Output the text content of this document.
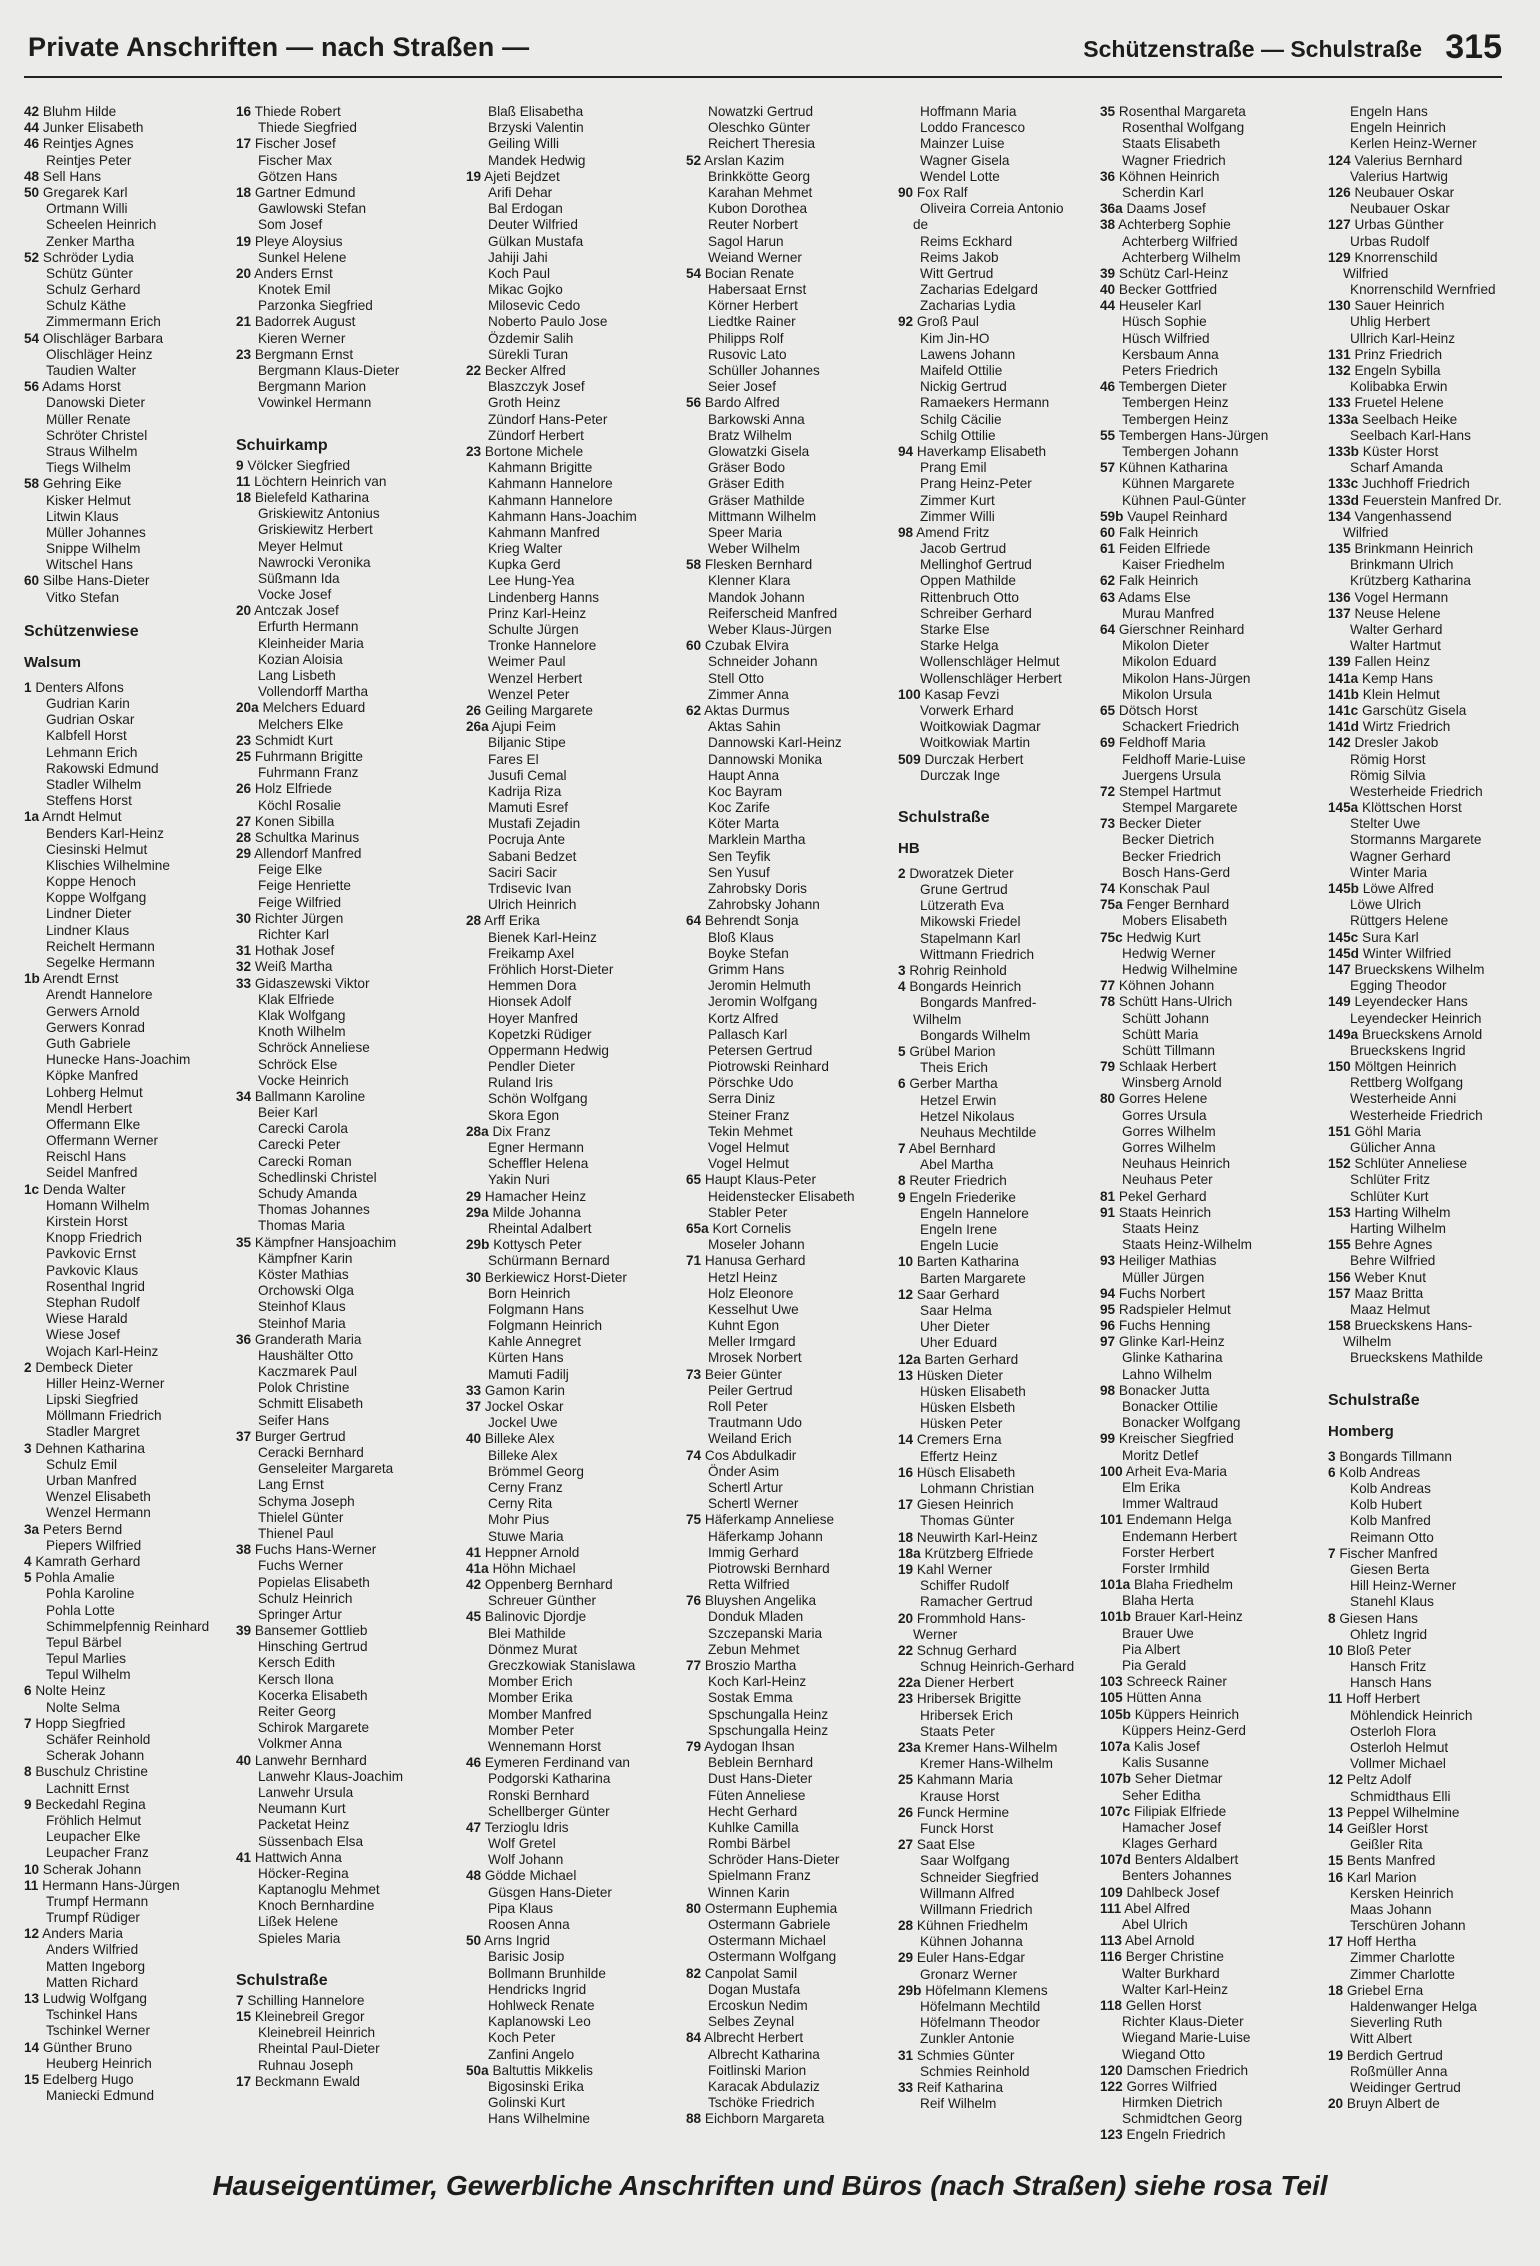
Private Anschriften — nach Straßen —	Schützenstraße — Schulstraße 315
42 Bluhm Hilde
44 Junker Elisabeth
46 Reintjes Agnes
Reintjes Peter
48 Sell Hans
50 Gregarek Karl
Ortmann Willi
Scheelen Heinrich
Zenker Martha
52 Schröder Lydia
Schütz Günter
Schulz Gerhard
Schulz Käthe
Zimmermann Erich
54 Olischläger Barbara
Olischläger Heinz
Taudien Walter
56 Adams Horst
Danowski Dieter
Müller Renate
Schröter Christel
Straus Wilhelm
Tiegs Wilhelm
58 Gehring Eike
Kisker Helmut
Litwin Klaus
Müller Johannes
Snippe Wilhelm
Witschel Hans
60 Silbe Hans-Dieter
Vitko Stefan
Schützenwiese
Walsum
1 Denters Alfons
Gudrian Karin
Gudrian Oskar
Kalbfell Horst
Lehmann Erich
Rakowski Edmund
Stadler Wilhelm
Steffens Horst
1a Arndt Helmut
Benders Karl-Heinz
Ciesinski Helmut
Klischies Wilhelmine
Koppe Henoch
Koppe Wolfgang
Lindner Dieter
Lindner Klaus
Reichelt Hermann
Segelke Hermann
1b Arendt Ernst
Arendt Hannelore
Gerwers Arnold
Gerwers Konrad
Guth Gabriele
Hunecke Hans-Joachim
Köpke Manfred
Lohberg Helmut
Mendl Herbert
Offermann Elke
Offermann Werner
Reischl Hans
Seidel Manfred
1c Denda Walter
Homann Wilhelm
Kirstein Horst
Knopp Friedrich
Pavkovic Ernst
Pavkovic Klaus
Rosenthal Ingrid
Stephan Rudolf
Wiese Harald
Wiese Josef
Wojach Karl-Heinz
2 Dembeck Dieter
Hiller Heinz-Werner
Lipski Siegfried
Möllmann Friedrich
Stadler Margret
3 Dehnen Katharina
Schulz Emil
Urban Manfred
Wenzel Elisabeth
Wenzel Hermann
3a Peters Bernd
Piepers Wilfried
4 Kamrath Gerhard
5 Pohla Amalie
Pohla Karoline
Pohla Lotte
Schimmelpfennig Reinhard
Tepul Bärbel
Tepul Marlies
Tepul Wilhelm
6 Nolte Heinz
Nolte Selma
7 Hopp Siegfried
Schäfer Reinhold
Scherak Johann
8 Buschulz Christine
Lachnitt Ernst
9 Beckedahl Regina
Fröhlich Helmut
Leupacher Elke
Leupacher Franz
10 Scherak Johann
11 Hermann Hans-Jürgen
Trumpf Hermann
Trumpf Rüdiger
12 Anders Maria
Anders Wilfried
Matten Ingeborg
Matten Richard
13 Ludwig Wolfgang
Tschinkel Hans
Tschinkel Werner
14 Günther Bruno
Heuberg Heinrich
15 Edelberg Hugo
Maniecki Edmund
16 Thiede Robert
Thiede Siegfried
17 Fischer Josef
Fischer Max
Götzen Hans
18 Gartner Edmund
Gawlowski Stefan
Som Josef
19 Pleye Aloysius
Sunkel Helene
20 Anders Ernst
Knotek Emil
Parzonka Siegfried
21 Badorrek August
Kieren Werner
23 Bergmann Ernst
Bergmann Klaus-Dieter
Bergmann Marion
Vowinkel Hermann
Schuirkamp
9 Völcker Siegfried
11 Löchtern Heinrich van
18 Bielefeld Katharina
Griskiewitz Antonius
Griskiewitz Herbert
Meyer Helmut
Nawrocki Veronika
Süßmann Ida
Vocke Josef
20 Antczak Josef
Erfurth Hermann
Kleinheider Maria
Kozian Aloisia
Lang Lisbeth
Vollendorff Martha
20a Melchers Eduard
Melchers Elke
23 Schmidt Kurt
25 Fuhrmann Brigitte
Fuhrmann Franz
26 Holz Elfriede
Köchl Rosalie
27 Konen Sibilla
28 Schultka Marinus
29 Allendorf Manfred
Feige Elke
Feige Henriette
Feige Wilfried
30 Richter Jürgen
Richter Karl
31 Hothak Josef
32 Weiß Martha
33 Gidaszewski Viktor
Klak Elfriede
Klak Wolfgang
Knoth Wilhelm
Schröck Anneliese
Schröck Else
Vocke Heinrich
34 Ballmann Karoline
Beier Karl
Carecki Carola
Carecki Peter
Carecki Roman
Schedlinski Christel
Schudy Amanda
Thomas Johannes
Thomas Maria
35 Kämpfner Hansjoachim
Kämpfner Karin
Köster Mathias
Orchowski Olga
Steinhof Klaus
Steinhof Maria
36 Granderath Maria
Haushälter Otto
Kaczmarek Paul
Polok Christine
Schmitt Elisabeth
Seifer Hans
37 Burger Gertrud
Ceracki Bernhard
Genseleiter Margareta
Lang Ernst
Schyma Joseph
Thielel Günter
Thienel Paul
38 Fuchs Hans-Werner
Fuchs Werner
Popielas Elisabeth
Schulz Heinrich
Springer Artur
39 Bansemer Gottlieb
Hinsching Gertrud
Kersch Edith
Kersch Ilona
Kocerka Elisabeth
Reiter Georg
Schirok Margarete
Volkmer Anna
40 Lanwehr Bernhard
Lanwehr Klaus-Joachim
Lanwehr Ursula
Neumann Kurt
Packetat Heinz
Süssenbach Elsa
41 Hattwich Anna
Höcker-Regina
Kaptanoglu Mehmet
Knoch Bernhardine
Lißek Helene
Spieles Maria
Schulstraße
7 Schilling Hannelore
15 Kleinebreil Gregor
Kleinebreil Heinrich
Rheintal Paul-Dieter
Ruhnau Joseph
17 Beckmann Ewald
Blaß Elisabetha
Brzyski Valentin
Geiling Willi
Mandek Hedwig
19 Ajeti Bejdzet
Arifi Dehar
Bal Erdogan
Deuter Wilfried
Gülkan Mustafa
Jahiji Jahi
Koch Paul
Mikac Gojko
Milosevic Cedo
Noberto Paulo Jose
Özdemir Salih
Sürekli Turan
22 Becker Alfred
Blaszczyk Josef
Groth Heinz
Zündorf Hans-Peter
Zündorf Herbert
23 Bortone Michele
Kahmann Brigitte
Kahmann Hannelore
Kahmann Hannelore
Kahmann Hans-Joachim
Kahmann Manfred
Krieg Walter
Kupka Gerd
Lee Hung-Yea
Lindenberg Hanns
Prinz Karl-Heinz
Schulte Jürgen
Tronke Hannelore
Weimer Paul
Wenzel Herbert
Wenzel Peter
26 Geiling Margarete
26a Ajupi Feim
Biljanic Stipe
Fares El
Jusufi Cemal
Kadrija Riza
Mamuti Esref
Mustafi Zejadin
Pocruja Ante
Sabani Bedzet
Saciri Sacir
Trdisevic Ivan
Ulrich Heinrich
28 Arff Erika
Bienek Karl-Heinz
Freikamp Axel
Fröhlich Horst-Dieter
Hemmen Dora
Hionsek Adolf
Hoyer Manfred
Kopetzki Rüdiger
Oppermann Hedwig
Pendler Dieter
Ruland Iris
Schön Wolfgang
Skora Egon
28a Dix Franz
Egner Hermann
Scheffler Helena
Yakin Nuri
29 Hamacher Heinz
29a Milde Johanna
Rheintal Adalbert
29b Kottysch Peter
Schürmann Bernard
30 Berkiewicz Horst-Dieter
Born Heinrich
Folgmann Hans
Folgmann Heinrich
Kahle Annegret
Kürten Hans
Mamuti Fadilj
33 Gamon Karin
37 Jockel Oskar
Jockel Uwe
40 Billeke Alex
Billeke Alex
Brömmel Georg
Cerny Franz
Cerny Rita
Mohr Pius
Stuwe Maria
41 Heppner Arnold
41a Höhn Michael
42 Oppenberg Bernhard
Schreuer Günther
45 Balinovic Djordje
Blei Mathilde
Dönmez Murat
Greczkowiak Stanislawa
Momber Erich
Momber Erika
Momber Manfred
Momber Peter
Wennemann Horst
46 Eymeren Ferdinand van
Podgorski Katharina
Ronski Bernhard
Schellberger Günter
47 Terzioglu Idris
Wolf Gretel
Wolf Johann
48 Gödde Michael
Güsgen Hans-Dieter
Pipa Klaus
Roosen Anna
50 Arns Ingrid
Barisic Josip
Bollmann Brunhilde
Hendricks Ingrid
Hohlweck Renate
Kaplanowski Leo
Koch Peter
Zanfini Angelo
50a Baltuttis Mikkelis
Bigosinski Erika
Golinski Kurt
Hans Wilhelmine
Nowatzki Gertrud
Oleschko Günter
Reichert Theresia
52 Arslan Kazim
Brinkkötte Georg
Karahan Mehmet
Kubon Dorothea
Reuter Norbert
Sagol Harun
Weiand Werner
54 Bocian Renate
Habersaat Ernst
Körner Herbert
Liedtke Rainer
Philipps Rolf
Rusovic Lato
Schüller Johannes
Seier Josef
56 Bardo Alfred
Barkowski Anna
Bratz Wilhelm
Glowatzki Gisela
Gräser Bodo
Gräser Edith
Gräser Mathilde
Mittmann Wilhelm
Speer Maria
Weber Wilhelm
58 Flesken Bernhard
Klenner Klara
Mandok Johann
Reiferscheid Manfred
Weber Klaus-Jürgen
60 Czubak Elvira
Schneider Johann
Stell Otto
Zimmer Anna
62 Aktas Durmus
Aktas Sahin
Dannowski Karl-Heinz
Dannowski Monika
Haupt Anna
Koc Bayram
Koc Zarife
Köter Marta
Marklein Martha
Sen Teyfik
Sen Yusuf
Zahrobsky Doris
Zahrobsky Johann
64 Behrendt Sonja
Bloß Klaus
Boyke Stefan
Grimm Hans
Jeromin Helmuth
Jeromin Wolfgang
Kortz Alfred
Pallasch Karl
Petersen Gertrud
Piotrowski Reinhard
Pörschke Udo
Serra Diniz
Steiner Franz
Tekin Mehmet
Vogel Helmut
Vogel Helmut
65 Haupt Klaus-Peter
Heidenstecker Elisabeth
Stabler Peter
65a Kort Cornelis
Moseler Johann
71 Hanusa Gerhard
Hetzl Heinz
Holz Eleonore
Kesselhut Uwe
Kuhnt Egon
Meller Irmgard
Mrosek Norbert
73 Beier Günter
Peiler Gertrud
Roll Peter
Trautmann Udo
Weiland Erich
74 Cos Abdulkadir
Önder Asim
Schertl Artur
Schertl Werner
75 Häferkamp Anneliese
Häferkamp Johann
Immig Gerhard
Piotrowski Bernhard
Retta Wilfried
76 Bluyshen Angelika
Donduk Mladen
Szczepanski Maria
Zebun Mehmet
77 Broszio Martha
Koch Karl-Heinz
Sostak Emma
Spschungalla Heinz
Spschungalla Heinz
79 Aydogan Ihsan
Beblein Bernhard
Dust Hans-Dieter
Füten Anneliese
Hecht Gerhard
Kuhlke Camilla
Rombi Bärbel
Schröder Hans-Dieter
Spielmann Franz
Winnen Karin
80 Ostermann Euphemia
Ostermann Gabriele
Ostermann Michael
Ostermann Wolfgang
82 Canpolat Samil
Dogan Mustafa
Ercoskun Nedim
Selbes Zeynal
84 Albrecht Herbert
Albrecht Katharina
Foitlinski Marion
Karacak Abdulaziz
Tschöke Friedrich
88 Eichborn Margareta
Hoffmann Maria
Loddo Francesco
Mainzer Luise
Wagner Gisela
Wendel Lotte
90 Fox Ralf
Oliveira Correia Antonio
de
Reims Eckhard
Reims Jakob
Witt Gertrud
Zacharias Edelgard
Zacharias Lydia
92 Groß Paul
Kim Jin-HO
Lawens Johann
Maifeld Ottilie
Nickig Gertrud
Ramaekers Hermann
Schilg Cäcilie
Schilg Ottilie
94 Haverkamp Elisabeth
Prang Emil
Prang Heinz-Peter
Zimmer Kurt
Zimmer Willi
98 Amend Fritz
Jacob Gertrud
Mellinghof Gertrud
Oppen Mathilde
Rittenbruch Otto
Schreiber Gerhard
Starke Else
Starke Helga
Wollenschläger Helmut
Wollenschläger Herbert
100 Kasap Fevzi
Vorwerk Erhard
Woitkowiak Dagmar
Woitkowiak Martin
509 Durczak Herbert
Durczak Inge
Schulstraße
HB
2 Dworatzek Dieter
Grune Gertrud
Lützerath Eva
Mikowski Friedel
Stapelmann Karl
Wittmann Friedrich
3 Rohrig Reinhold
4 Bongards Heinrich
Bongards Manfred-
Wilhelm
Bongards Wilhelm
5 Grübel Marion
Theis Erich
6 Gerber Martha
Hetzel Erwin
Hetzel Nikolaus
Neuhaus Mechtilde
7 Abel Bernhard
Abel Martha
8 Reuter Friedrich
9 Engeln Friederike
Engeln Hannelore
Engeln Irene
Engeln Lucie
10 Barten Katharina
Barten Margarete
12 Saar Gerhard
Saar Helma
Uher Dieter
Uher Eduard
12a Barten Gerhard
13 Hüsken Dieter
Hüsken Elisabeth
Hüsken Elsbeth
Hüsken Peter
14 Cremers Erna
Effertz Heinz
16 Hüsch Elisabeth
Lohmann Christian
17 Giesen Heinrich
Thomas Günter
18 Neuwirth Karl-Heinz
18a Krützberg Elfriede
19 Kahl Werner
Schiffer Rudolf
Ramacher Gertrud
20 Frommhold Hans-
Werner
22 Schnug Gerhard
Schnug Heinrich-Gerhard
22a Diener Herbert
23 Hribersek Brigitte
Hribersek Erich
Staats Peter
23a Kremer Hans-Wilhelm
Kremer Hans-Wilhelm
25 Kahmann Maria
Krause Horst
26 Funck Hermine
Funck Horst
27 Saat Else
Saar Wolfgang
Schneider Siegfried
Willmann Alfred
Willmann Friedrich
28 Kühnen Friedhelm
Kühnen Johanna
29 Euler Hans-Edgar
Gronarz Werner
29b Höfelmann Klemens
Höfelmann Mechtild
Höfelmann Theodor
Zunkler Antonie
31 Schmies Günter
Schmies Reinhold
33 Reif Katharina
Reif Wilhelm
35 Rosenthal Margareta
Rosenthal Wolfgang
Staats Elisabeth
Wagner Friedrich
36 Köhnen Heinrich
Scherdin Karl
36a Daams Josef
38 Achterberg Sophie
Achterberg Wilfried
Achterberg Wilhelm
39 Schütz Carl-Heinz
40 Becker Gottfried
44 Heuseler Karl
Hüsch Sophie
Hüsch Wilfried
Kersbaum Anna
Peters Friedrich
46 Tembergen Dieter
Tembergen Heinz
Tembergen Heinz
55 Tembergen Hans-Jürgen
Tembergen Johann
57 Kühnen Katharina
Kühnen Margarete
Kühnen Paul-Günter
59b Vaupel Reinhard
60 Falk Heinrich
61 Feiden Elfriede
Kaiser Friedhelm
62 Falk Heinrich
63 Adams Else
Murau Manfred
64 Gierschner Reinhard
Mikolon Dieter
Mikolon Eduard
Mikolon Hans-Jürgen
Mikolon Ursula
65 Dötsch Horst
Schackert Friedrich
69 Feldhoff Maria
Feldhoff Marie-Luise
Juergens Ursula
72 Stempel Hartmut
Stempel Margarete
73 Becker Dieter
Becker Dietrich
Becker Friedrich
Bosch Hans-Gerd
74 Konschak Paul
75a Fenger Bernhard
Mobers Elisabeth
75c Hedwig Kurt
Hedwig Werner
Hedwig Wilhelmine
77 Köhnen Johann
78 Schütt Hans-Ulrich
Schütt Johann
Schütt Maria
Schütt Tillmann
79 Schlaak Herbert
Winsberg Arnold
80 Gorres Helene
Gorres Ursula
Gorres Wilhelm
Gorres Wilhelm
Neuhaus Heinrich
Neuhaus Peter
81 Pekel Gerhard
91 Staats Heinrich
Staats Heinz
Staats Heinz-Wilhelm
93 Heiliger Mathias
Müller Jürgen
94 Fuchs Norbert
95 Radspieler Helmut
96 Fuchs Henning
97 Glinke Karl-Heinz
Glinke Katharina
Lahno Wilhelm
98 Bonacker Jutta
Bonacker Ottilie
Bonacker Wolfgang
99 Kreischer Siegfried
Moritz Detlef
100 Arheit Eva-Maria
Elm Erika
Immer Waltraud
101 Endemann Helga
Endemann Herbert
Forster Herbert
Forster Irmhild
101a Blaha Friedhelm
Blaha Herta
101b Brauer Karl-Heinz
Brauer Uwe
Pia Albert
Pia Gerald
103 Schreeck Rainer
105 Hütten Anna
105b Küppers Heinrich
Küppers Heinz-Gerd
107a Kalis Josef
Kalis Susanne
107b Seher Dietmar
Seher Editha
107c Filipiak Elfriede
Hamacher Josef
Klages Gerhard
107d Benters Aldalbert
Benters Johannes
109 Dahlbeck Josef
111 Abel Alfred
Abel Ulrich
113 Abel Arnold
116 Berger Christine
Walter Burkhard
Walter Karl-Heinz
118 Gellen Horst
Richter Klaus-Dieter
Wiegand Marie-Luise
Wiegand Otto
120 Damschen Friedrich
122 Gorres Wilfried
Hirmken Dietrich
Schmidtchen Georg
123 Engeln Friedrich
Engeln Hans
Engeln Heinrich
Kerlen Heinz-Werner
124 Valerius Bernhard
Valerius Hartwig
126 Neubauer Oskar
Neubauer Oskar
127 Urbas Günther
Urbas Rudolf
129 Knorrenschild
Wilfried
Knorrenschild Wernfried
130 Sauer Heinrich
Uhlig Herbert
Ullrich Karl-Heinz
131 Prinz Friedrich
132 Engeln Sybilla
Kolibabka Erwin
133 Fruetel Helene
133a Seelbach Heike
Seelbach Karl-Hans
133b Küster Horst
Scharf Amanda
133c Juchhoff Friedrich
133d Feuerstein Manfred Dr.
134 Vangenhassend
Wilfried
135 Brinkmann Heinrich
Brinkmann Ulrich
Krützberg Katharina
136 Vogel Hermann
137 Neuse Helene
Walter Gerhard
Walter Hartmut
139 Fallen Heinz
141a Kemp Hans
141b Klein Helmut
141c Garschütz Gisela
141d Wirtz Friedrich
142 Dresler Jakob
Römig Horst
Römig Silvia
Westerheide Friedrich
145a Klöttschen Horst
Stelter Uwe
Stormanns Margarete
Wagner Gerhard
Winter Maria
145b Löwe Alfred
Löwe Ulrich
Rüttgers Helene
145c Sura Karl
145d Winter Wilfried
147 Brueckskens Wilhelm
Egging Theodor
149 Leyendecker Hans
Leyendecker Heinrich
149a Brueckskens Arnold
Brueckskens Ingrid
150 Möltgen Heinrich
Rettberg Wolfgang
Westerheide Anni
Westerheide Friedrich
151 Göhl Maria
Gülicher Anna
152 Schlüter Anneliese
Schlüter Fritz
Schlüter Kurt
153 Harting Wilhelm
Harting Wilhelm
155 Behre Agnes
Behre Wilfried
156 Weber Knut
157 Maaz Britta
Maaz Helmut
158 Brueckskens Hans-
Wilhelm
Brueckskens Mathilde
Schulstraße
Homberg
3 Bongards Tillmann
6 Kolb Andreas
Kolb Andreas
Kolb Hubert
Kolb Manfred
Reimann Otto
7 Fischer Manfred
Giesen Berta
Hill Heinz-Werner
Stanehl Klaus
8 Giesen Hans
Ohletz Ingrid
10 Bloß Peter
Hansch Fritz
Hansch Hans
11 Hoff Herbert
Möhlendick Heinrich
Osterloh Flora
Osterloh Helmut
Vollmer Michael
12 Peltz Adolf
Schmidthaus Elli
13 Peppel Wilhelmine
14 Geißler Horst
Geißler Rita
15 Bents Manfred
16 Karl Marion
Kersken Heinrich
Maas Johann
Terschüren Johann
17 Hoff Hertha
Zimmer Charlotte
Zimmer Charlotte
18 Griebel Erna
Haldenwanger Helga
Sieverling Ruth
Witt Albert
19 Berdich Gertrud
Roßmüller Anna
Weidinger Gertrud
20 Bruyn Albert de
Hauseigentümer, Gewerbliche Anschriften und Büros (nach Straßen) siehe rosa Teil
